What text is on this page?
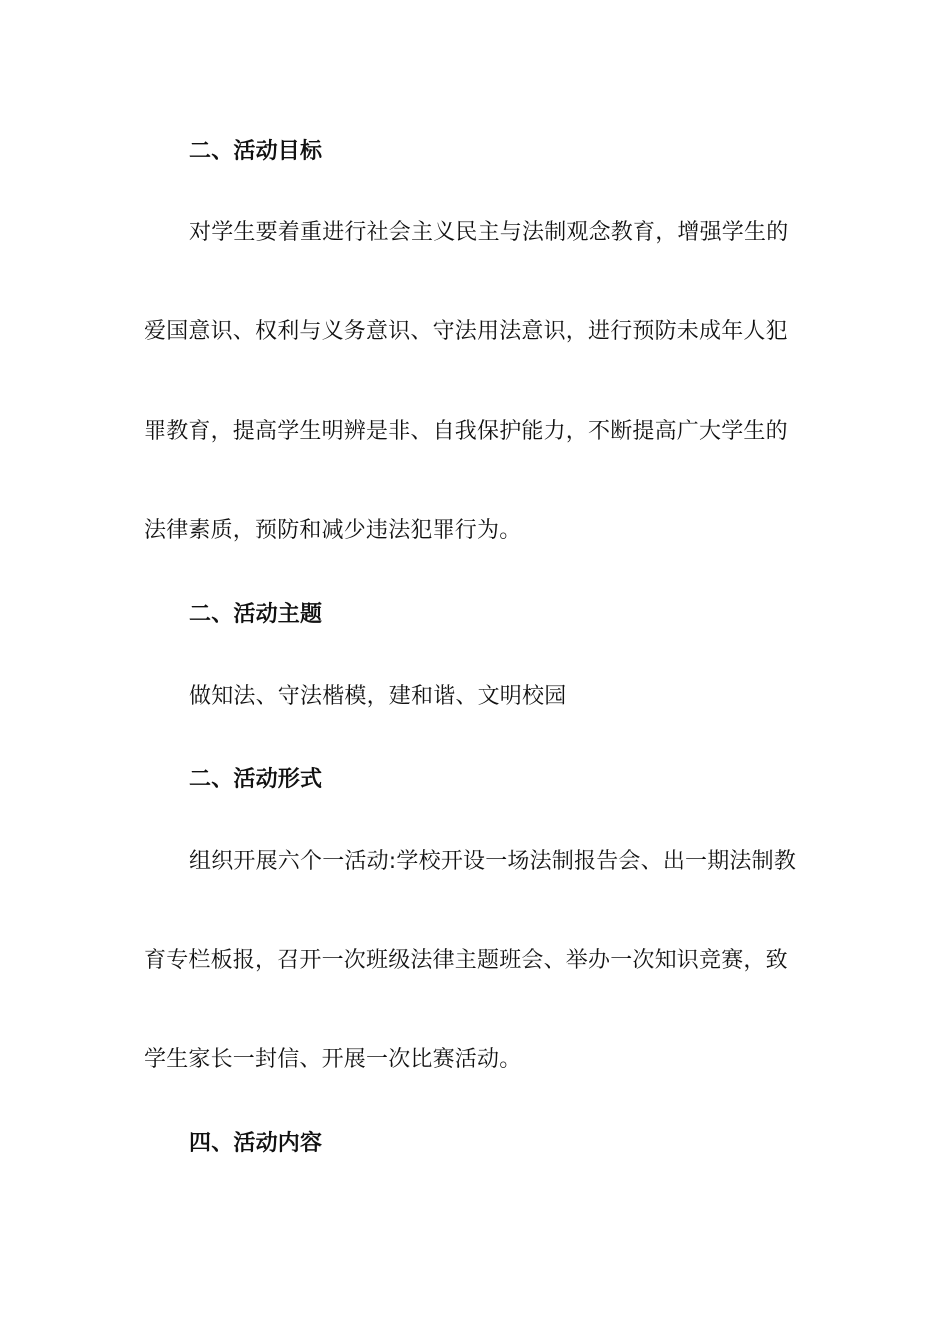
二、活动目标
对学生要着重进行社会主义民主与法制观念教育，增强学生的
爱国意识、权利与义务意识、守法用法意识，进行预防未成年人犯
罪教育，提高学生明辨是非、自我保护能力，不断提高广大学生的
法律素质，预防和减少违法犯罪行为。
二、活动主题
做知法、守法楷模，建和谐、文明校园
二、活动形式
组织开展六个一活动:学校开设一场法制报告会、出一期法制教
育专栏板报，召开一次班级法律主题班会、举办一次知识竞赛，致
学生家长一封信、开展一次比赛活动。
四、活动内容
